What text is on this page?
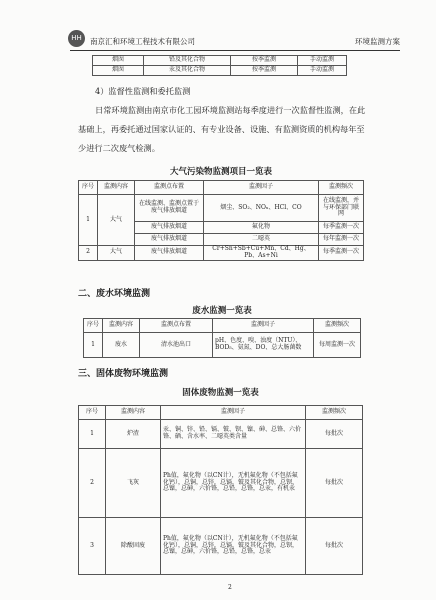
HH	南京汇和环境工程技术有限公司	环境监测方案
烟囱	铅及其化合物	按季监测	手动监测
烟囱	汞及其化合物	按季监测	手动监测
4）监督性监测和委托监测
日常环境监测由南京市化工园环境监测站每季度进行一次监督性监测，在此基础上，再委托通过国家认证的、有专业设备、设施、有监测资质的机构每年至少进行二次废气检测。
大气污染物监测项目一览表
序号	监测内容	监测点布置	监测因子	监测频次
1	大气	在线监测、监测点置于废气排放烟道	烟尘、SO₂、NOₓ、HCl、CO	在线监测，并与环保部门联网
		废气排放烟道	氟化物	每季监测一次
		废气排放烟道	二噁英	每年监测一次
2	大气	废气排放烟道	Cr+Sn+Sb+Cu+Mn、Cd、Hg、Pb、As+Ni	每季监测一次
二、废水环境监测
废水监测一览表
序号	监测内容	监测点布置	监测因子	监测频次
1	废水	清水池出口	pH、色度、嗅、浊度（NTU）、BOD₅、氨氮、DO、总大肠菌数	每周监测一次
三、固体废物环境监测
固体废物监测一览表
序号	监测内容	监测因子	监测频次
1	炉渣	汞、铜、锌、铅、镉、铍、钡、镍、砷、总铬、六价铬、硒、含水率、二噁英类含量	每批次
2	飞灰	Ph值，氟化物（以CN计），无机氟化物（不包括氟化钙），总铜，总锌，总镉，铍及其化合物，总钡，总镍，总砷，六价铬，总铅，总铬，总汞，有机汞	每批次
3	除酸固废	Ph值，氟化物（以CN计），无机氟化物（不包括氟化钙），总铜，总锌，总镉，铍及其化合物，总钡，总镍，总砷，六价铬，总铅，总铬，总汞	每批次
2
